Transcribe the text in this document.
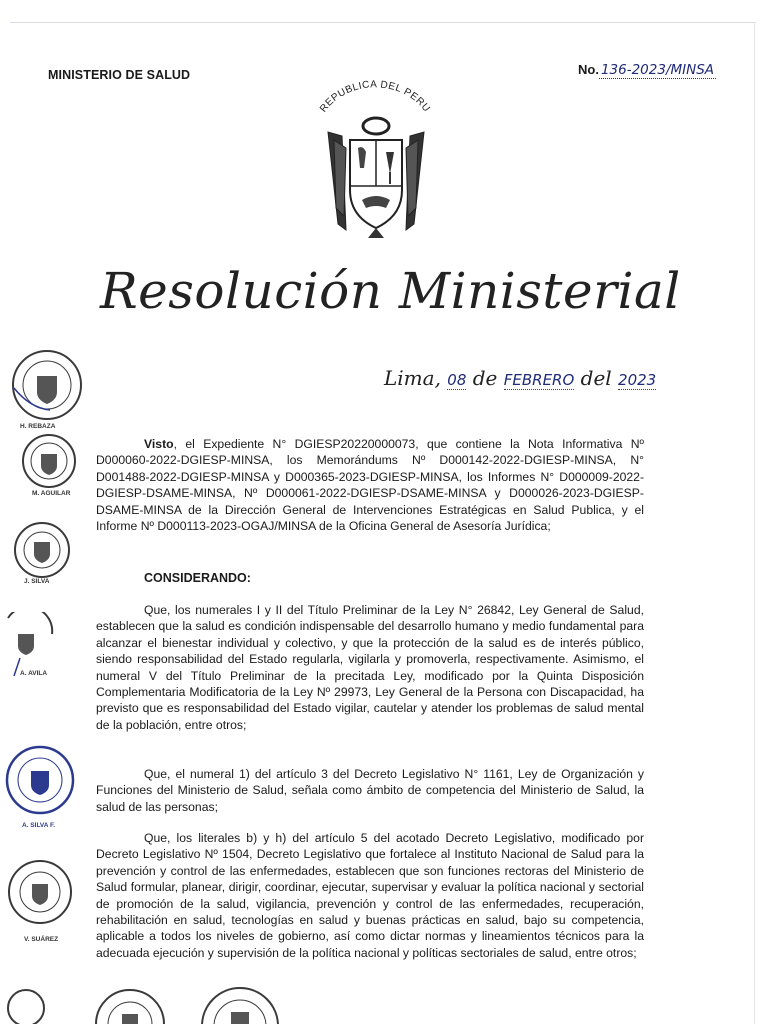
MINISTERIO DE SALUD	No. 136-2023/MINSA
REPUBLICA DEL PERU
Resolución Ministerial
Lima, 08 de FEBRERO del 2023

Visto, el Expediente N° DGIESP20220000073, que contiene la Nota Informativa Nº D000060-2022-DGIESP-MINSA, los Memorándums Nº D000142-2022-DGIESP-MINSA, N° D001488-2022-DGIESP-MINSA y D000365-2023-DGIESP-MINSA, los Informes N° D000009-2022-DGIESP-DSAME-MINSA, Nº D000061-2022-DGIESP-DSAME-MINSA y D000026-2023-DGIESP-DSAME-MINSA de la Dirección General de Intervenciones Estratégicas en Salud Publica, y el Informe Nº D000113-2023-OGAJ/MINSA de la Oficina General de Asesoría Jurídica;

CONSIDERANDO:

Que, los numerales I y II del Título Preliminar de la Ley N° 26842, Ley General de Salud, establecen que la salud es condición indispensable del desarrollo humano y medio fundamental para alcanzar el bienestar individual y colectivo, y que la protección de la salud es de interés público, siendo responsabilidad del Estado regularla, vigilarla y promoverla, respectivamente. Asimismo, el numeral V del Título Preliminar de la precitada Ley, modificado por la Quinta Disposición Complementaria Modificatoria de la Ley Nº 29973, Ley General de la Persona con Discapacidad, ha previsto que es responsabilidad del Estado vigilar, cautelar y atender los problemas de salud mental de la población, entre otros;

Que, el numeral 1) del artículo 3 del Decreto Legislativo N° 1161, Ley de Organización y Funciones del Ministerio de Salud, señala como ámbito de competencia del Ministerio de Salud, la salud de las personas;

Que, los literales b) y h) del artículo 5 del acotado Decreto Legislativo, modificado por Decreto Legislativo Nº 1504, Decreto Legislativo que fortalece al Instituto Nacional de Salud para la prevención y control de las enfermedades, establecen que son funciones rectoras del Ministerio de Salud formular, planear, dirigir, coordinar, ejecutar, supervisar y evaluar la política nacional y sectorial de promoción de la salud, vigilancia, prevención y control de las enfermedades, recuperación, rehabilitación en salud, tecnologías en salud y buenas prácticas en salud, bajo su competencia, aplicable a todos los niveles de gobierno, así como dictar normas y lineamientos técnicos para la adecuada ejecución y supervisión de la política nacional y políticas sectoriales de salud, entre otros;

H. REBAZA
M. AGUILAR
J. SILVA
A. AVILA
A. SILVA F.
V. SUÁREZ
